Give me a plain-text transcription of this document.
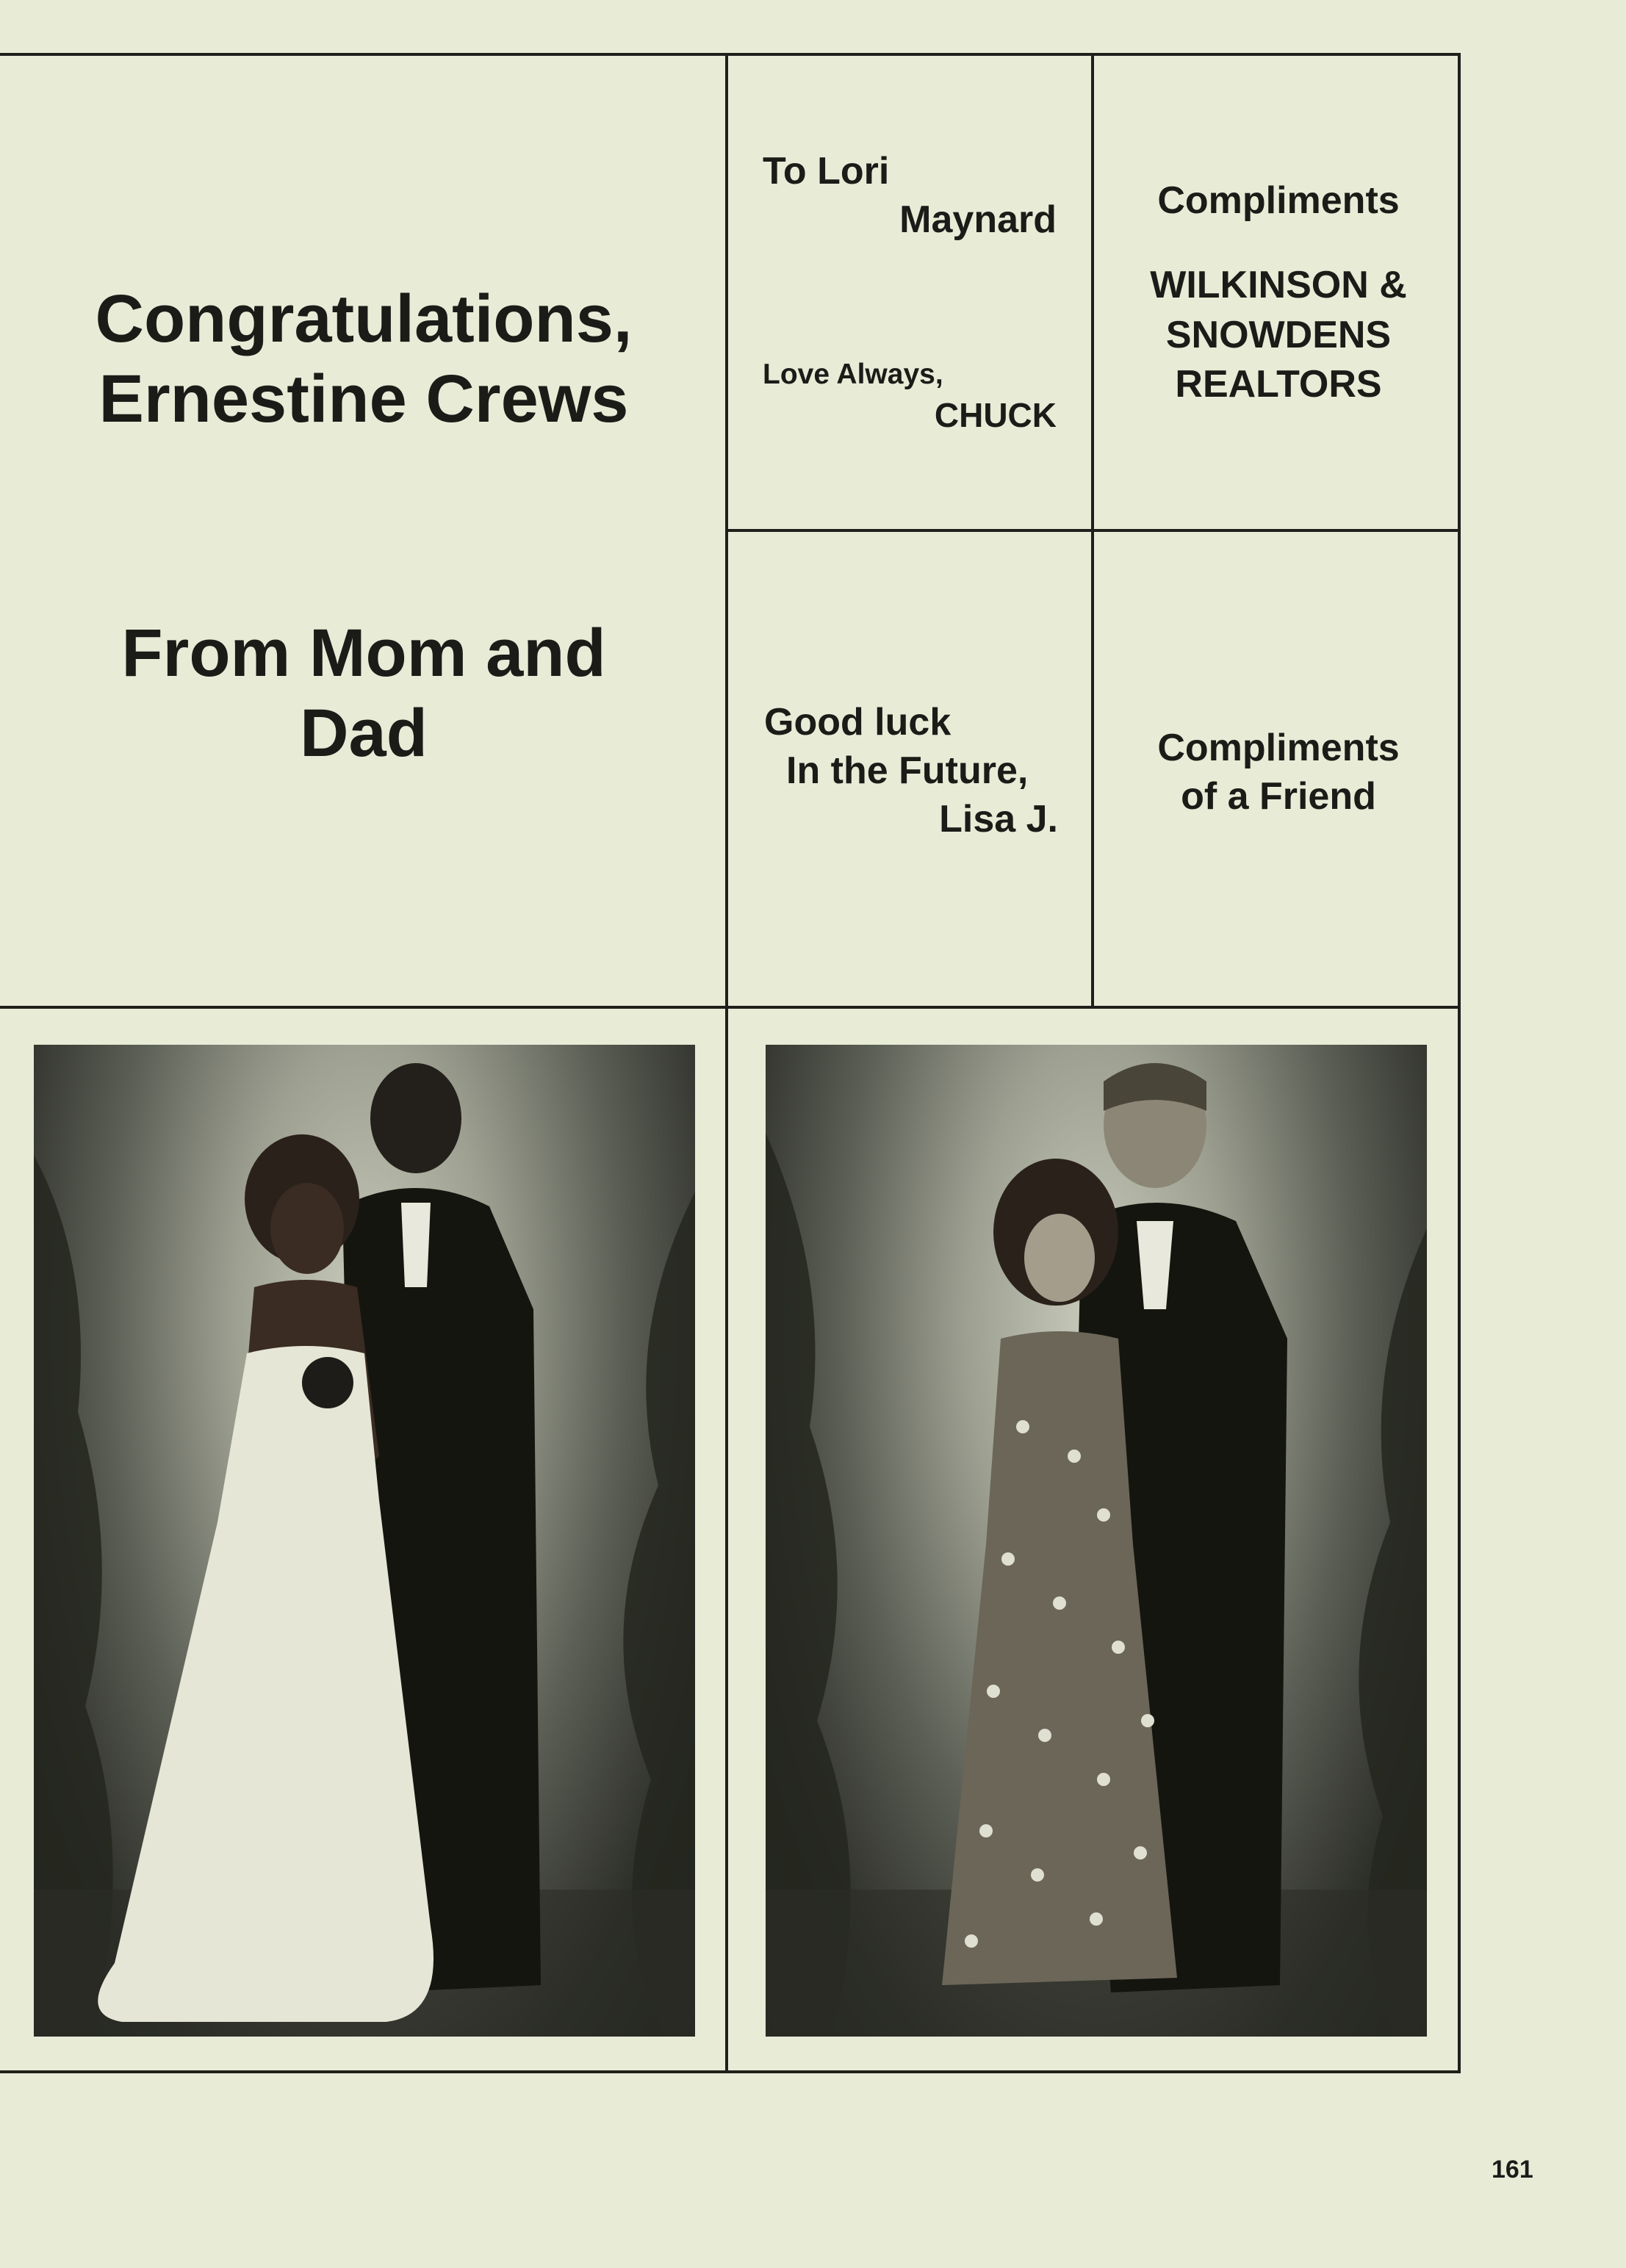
Congratulations,
Ernestine Crews
From Mom and
Dad
To Lori
Maynard
Love Always,
CHUCK
Compliments
WILKINSON &
SNOWDENS
REALTORS
Good luck
In the Future,
Lisa J.
Compliments
of a Friend
161
